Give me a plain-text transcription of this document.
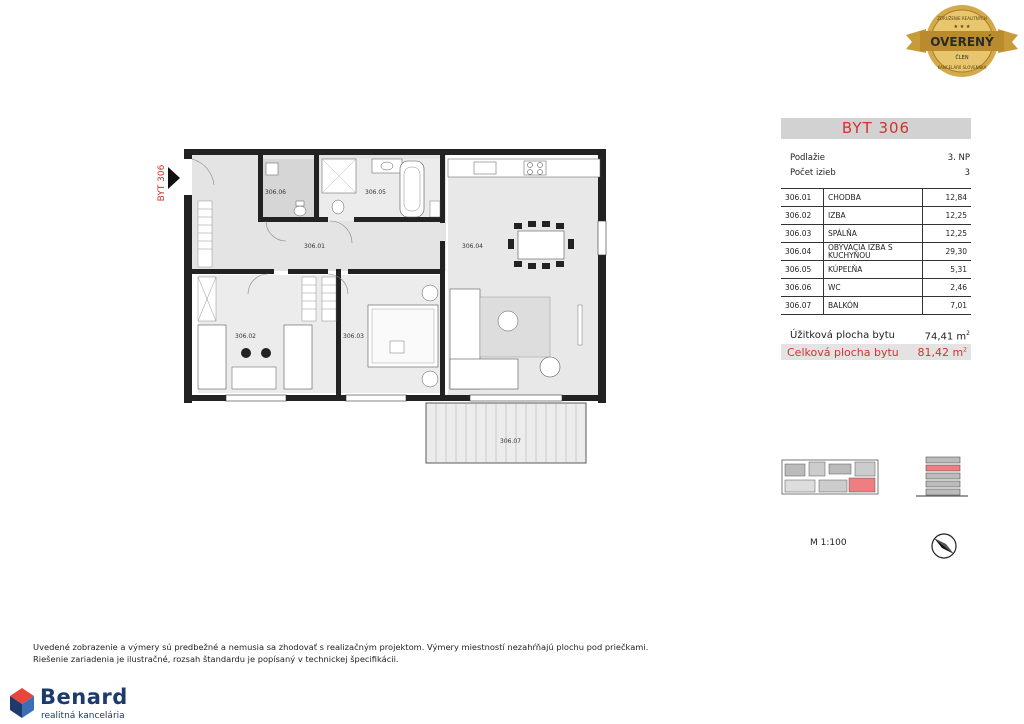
OVERENÝ
ČLEN
ZDRUŽENIE REALITNÝCH
KANCELÁRIÍ SLOVENSKA
★ ★ ★
BYT 306
Podlažie	3. NP
Počet izieb	3
306.01	CHODBA	12,84
306.02	IZBA	12,25
306.03	SPÁLŇA	12,25
306.04	OBÝVACIA IZBA S KUCHYŇOU	29,30
306.05	KÚPEĽŇA	5,31
306.06	WC	2,46
306.07	BALKÓN	7,01
Úžitková plocha bytu	74,41 $m^2$
Celková plocha bytu 81,42 $m^2$
M 1:100
BYT 306	306.06	306.05
306.01	306.04
306.02	306.03
306.07
Uvedené zobrazenie a výmery sú predbežné a nemusia sa zhodovať s realizačným projektom. Výmery miestností nezahŕňajú plochu pod priečkami.
Riešenie zariadenia je ilustračné, rozsah štandardu je popísaný v technickej špecifikácii.
Benard
realitná kancelária
